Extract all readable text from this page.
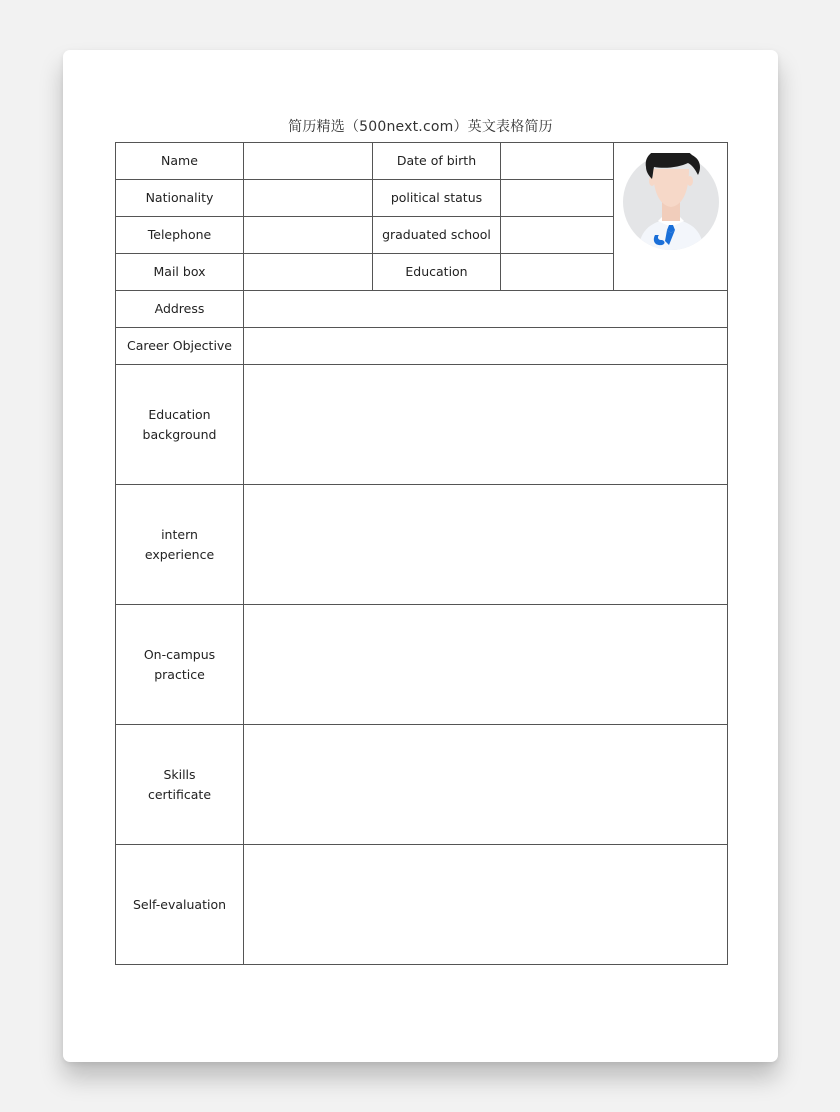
简历精选（500next.com）英文表格简历
Name		Date of birth		

Nationality		political status		
Telephone		graduated school		
Mail box		Education		
Address				
Career Objective				
Education
background				
intern
experience				
On-campus
practice				
Skills
certificate				
Self-evaluation				
